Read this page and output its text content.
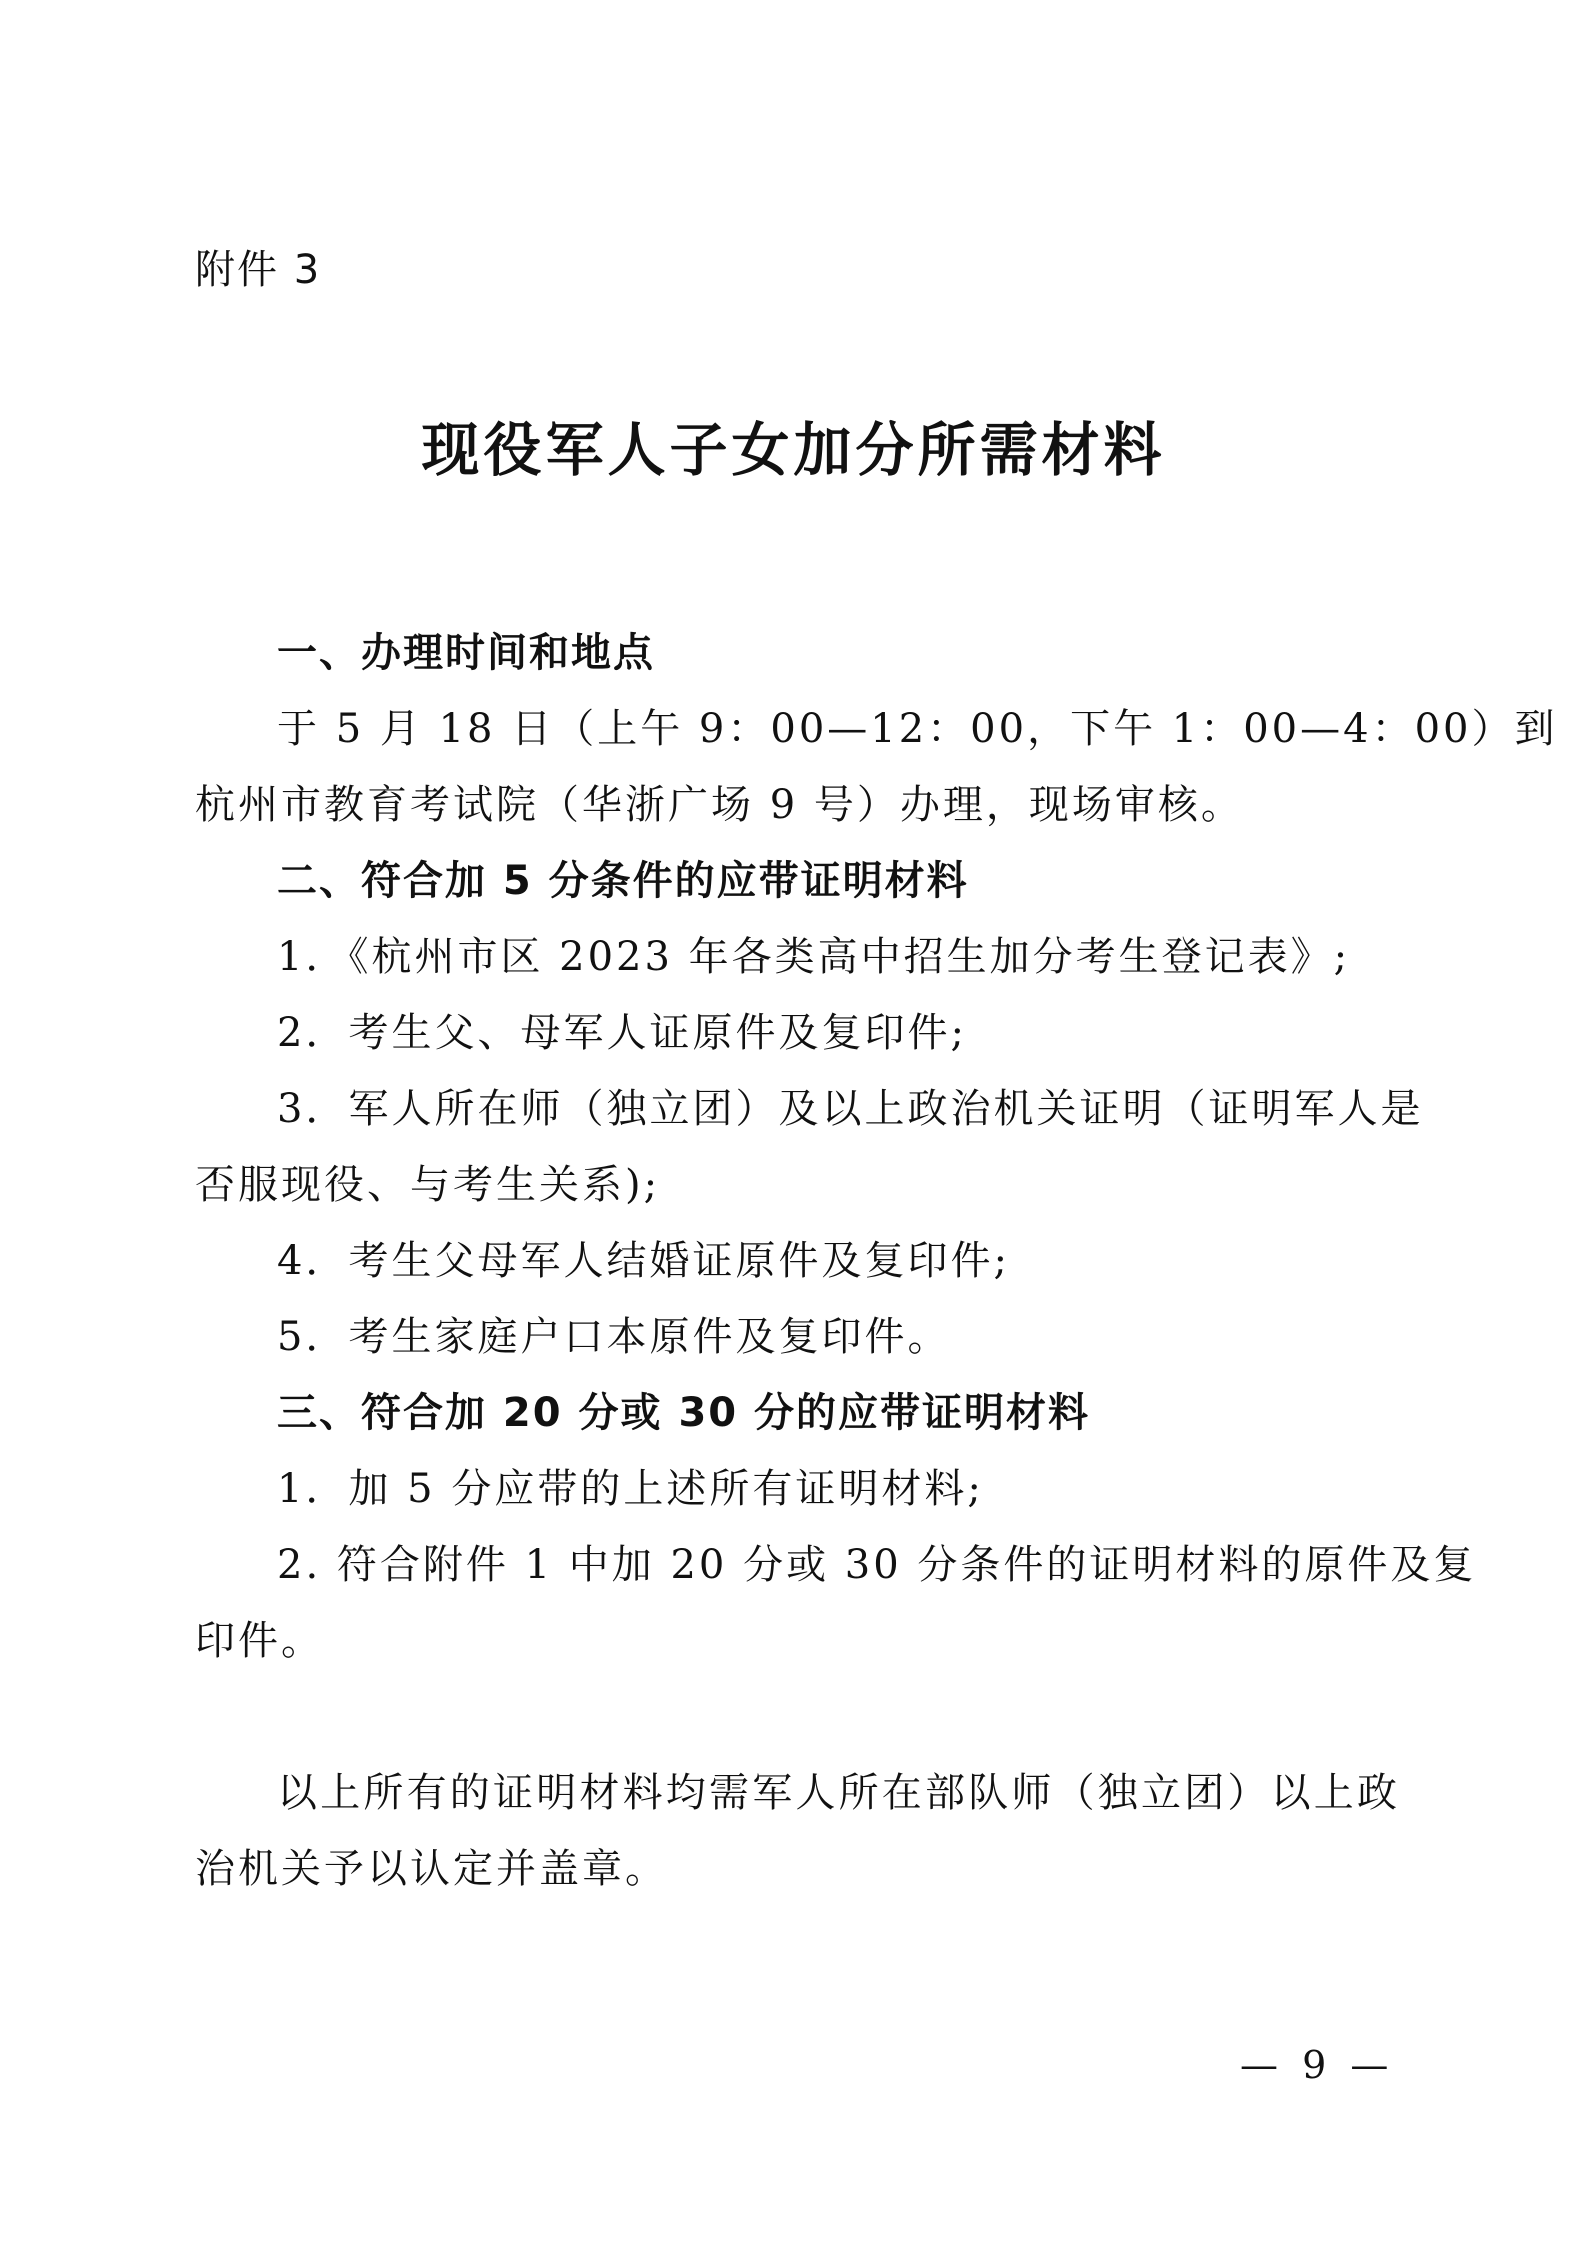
附件 3
现役军人子女加分所需材料
一、办理时间和地点
于 5 月 18 日（上午 9：00—12：00，下午 1：00—4：00）到
杭州市教育考试院（华浙广场 9 号）办理，现场审核。
二、符合加 5 分条件的应带证明材料
1．《杭州市区 2023 年各类高中招生加分考生登记表》;
2．考生父、母军人证原件及复印件;
3．军人所在师（独立团）及以上政治机关证明（证明军人是
否服现役、与考生关系);
4．考生父母军人结婚证原件及复印件;
5．考生家庭户口本原件及复印件。
三、符合加 20 分或 30 分的应带证明材料
1．加 5 分应带的上述所有证明材料;
2. 符合附件 1 中加 20 分或 30 分条件的证明材料的原件及复
印件。
以上所有的证明材料均需军人所在部队师（独立团）以上政
治机关予以认定并盖章。
— 9 —
